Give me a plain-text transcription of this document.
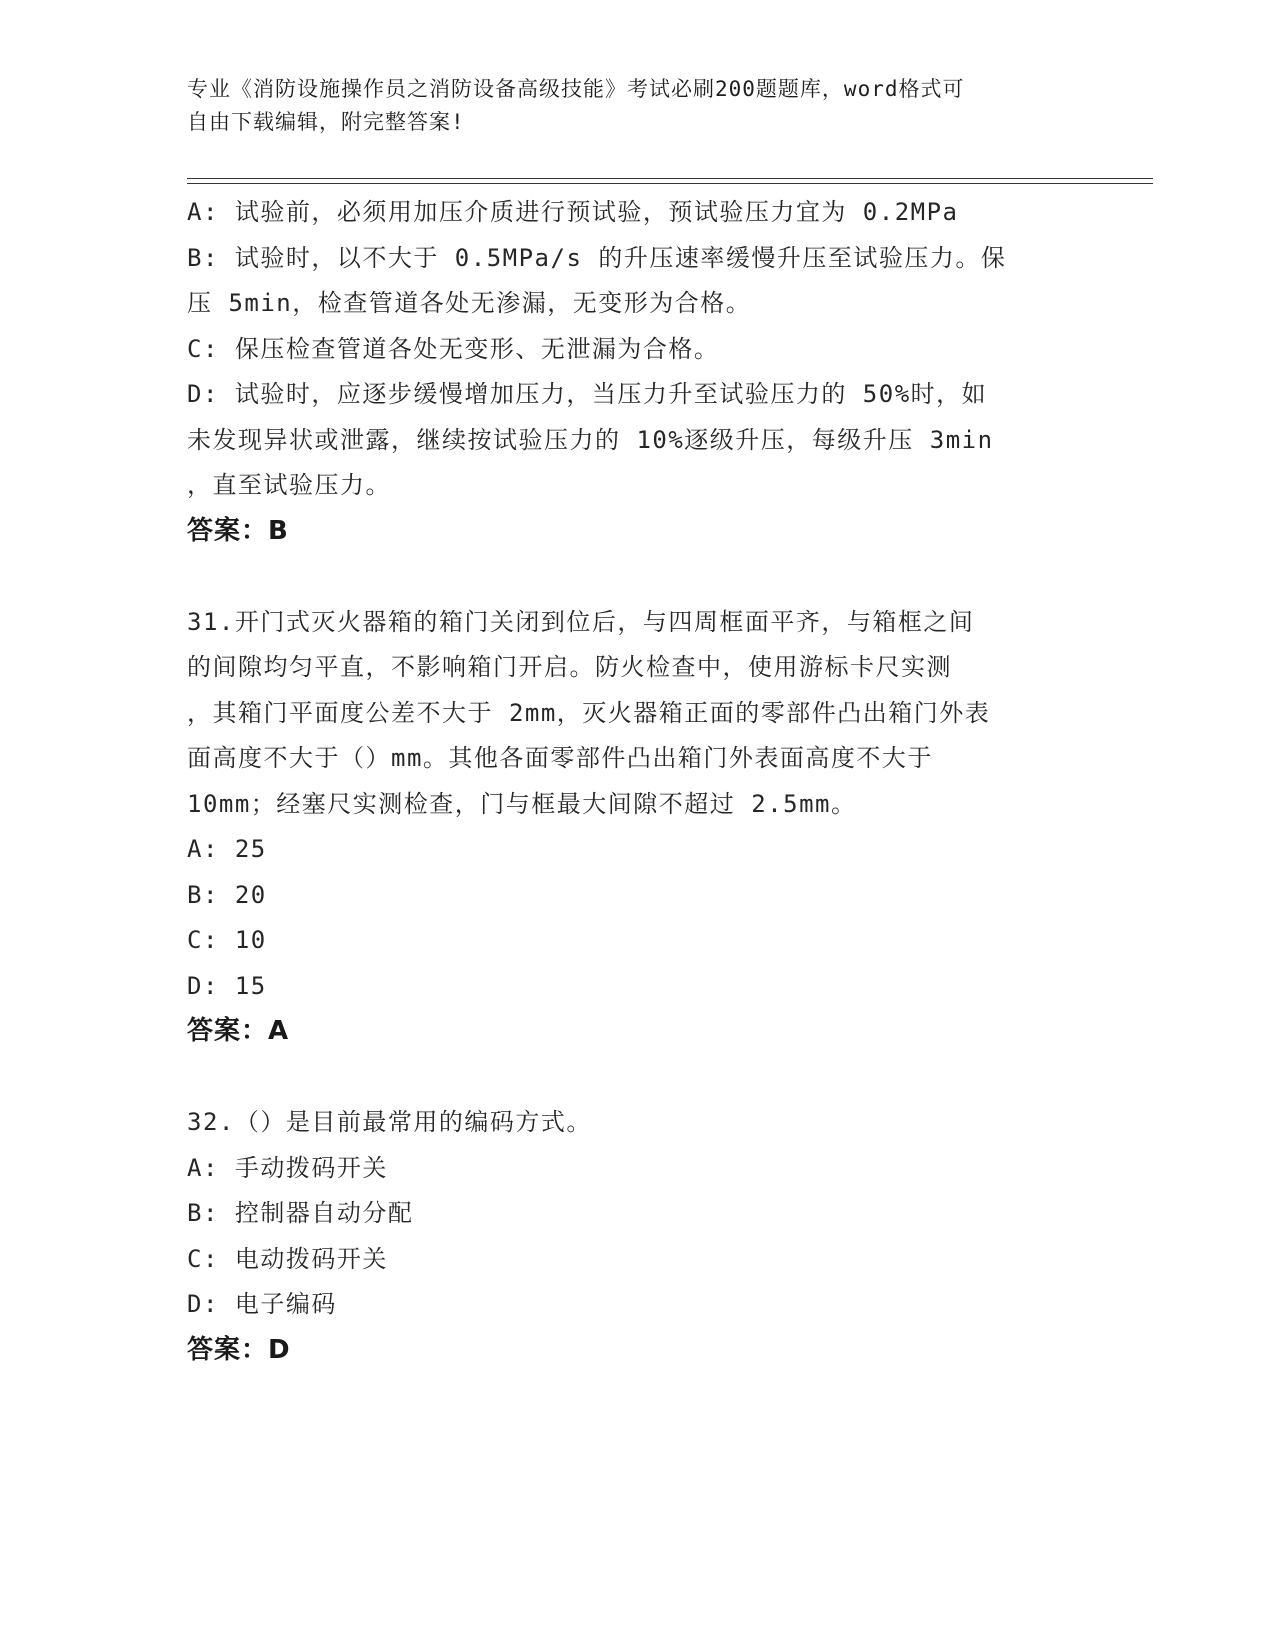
专业《消防设施操作员之消防设备高级技能》考试必刷200题题库，word格式可
自由下载编辑，附完整答案!
A: 试验前，必须用加压介质进行预试验，预试验压力宜为 0.2MPa
B: 试验时，以不大于 0.5MPa/s 的升压速率缓慢升压至试验压力。保
压 5min，检查管道各处无渗漏，无变形为合格。
C: 保压检查管道各处无变形、无泄漏为合格。
D: 试验时，应逐步缓慢增加压力，当压力升至试验压力的 50%时，如
未发现异状或泄露，继续按试验压力的 10%逐级升压，每级升压 3min
，直至试验压力。
答案：B
31.开门式灭火器箱的箱门关闭到位后，与四周框面平齐，与箱框之间
的间隙均匀平直，不影响箱门开启。防火检查中，使用游标卡尺实测
，其箱门平面度公差不大于 2mm，灭火器箱正面的零部件凸出箱门外表
面高度不大于（）mm。其他各面零部件凸出箱门外表面高度不大于
10mm；经塞尺实测检查，门与框最大间隙不超过 2.5mm。
A: 25
B: 20
C: 10
D: 15
答案：A
32.（）是目前最常用的编码方式。
A: 手动拨码开关
B: 控制器自动分配
C: 电动拨码开关
D: 电子编码
答案：D
